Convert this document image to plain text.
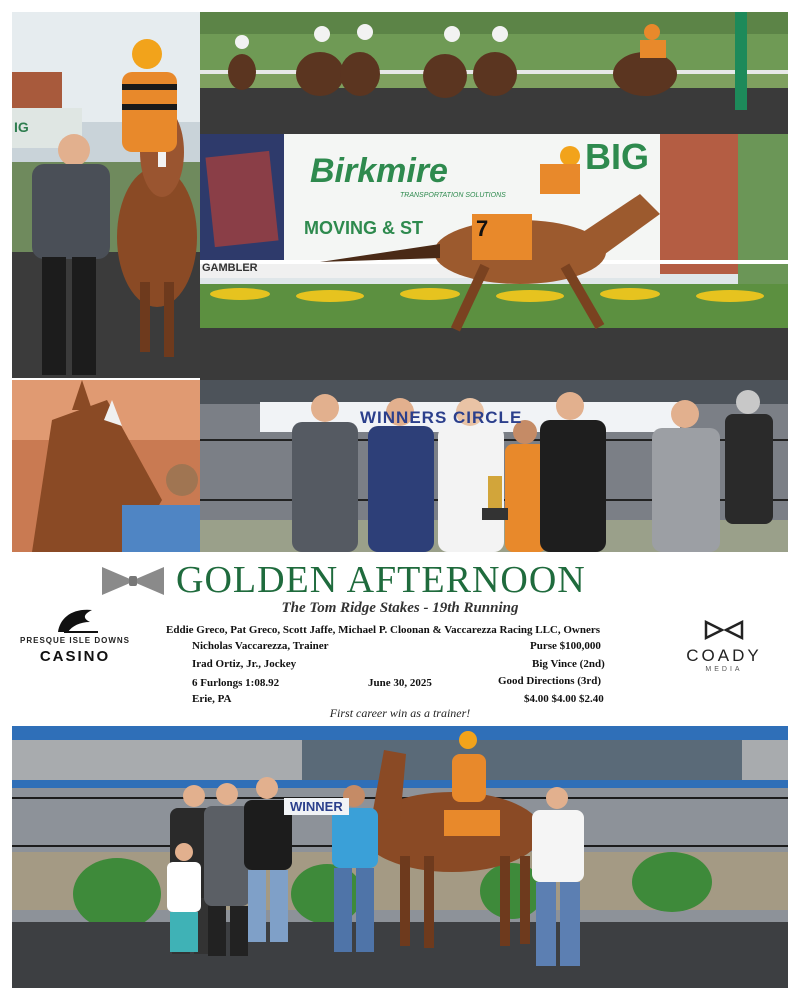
IG
Birkmire
TRANSPORTATION SOLUTIONS
MOVING & ST
BIG
GAMBLER
7
WINNERS CIRCLE
GOLDEN AFTERNOON
The Tom Ridge Stakes - 19th Running
Eddie Greco, Pat Greco, Scott Jaffe, Michael P. Cloonan & Vaccarezza Racing LLC, Owners
Nicholas Vaccarezza, Trainer
Irad Ortiz, Jr., Jockey
6 Furlongs 1:08.92	June 30, 2025
Erie, PA
Purse $100,000
Big Vince (2nd)
Good Directions (3rd)
$4.00 $4.00 $2.40
First career win as a trainer!
PRESQUE ISLE DOWNS
CASINO	COADY
MEDIA
WINNER
